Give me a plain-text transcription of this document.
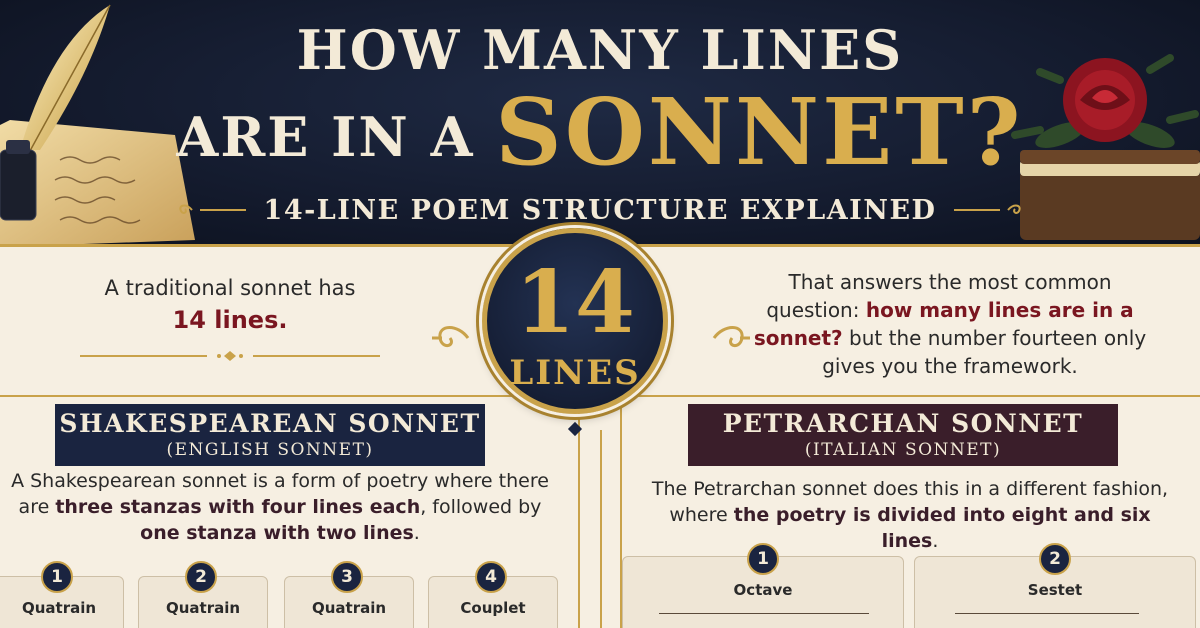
HOW MANY LINES
ARE IN A SONNET?
14-LINE POEM STRUCTURE EXPLAINED
A traditional sonnet has
14 lines.
That answers the most common question: how many lines are in a sonnet? but the number fourteen only gives you the framework.
14
LINES
SHAKESPEAREAN SONNET
(ENGLISH SONNET)
A Shakespearean sonnet is a form of poetry where there are three stanzas with four lines each, followed by one stanza with two lines.
1
Quatrain
2
Quatrain
3
Quatrain
4
Couplet
PETRARCHAN SONNET
(ITALIAN SONNET)
The Petrarchan sonnet does this in a different fashion, where the poetry is divided into eight and six lines.
1
Octave
2
Sestet
